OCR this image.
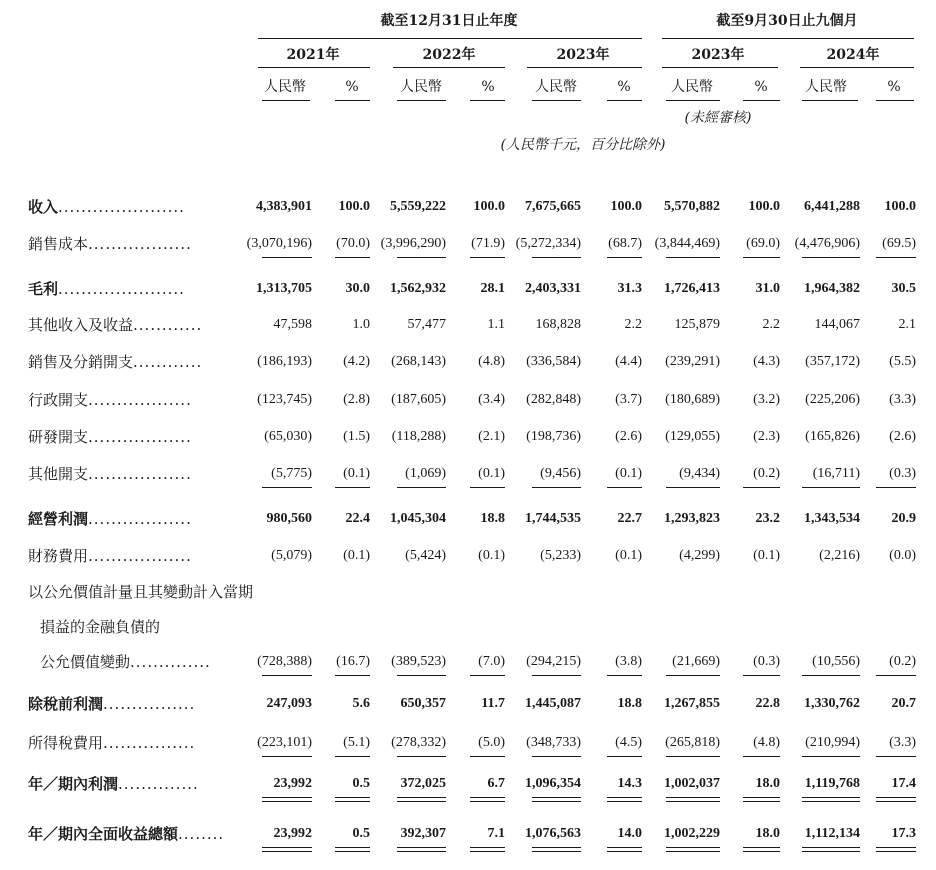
截至12月31日止年度	截至9月30日止九個月
2021年	2022年	2023年	2023年	2024年
人民幣	%	人民幣	%	人民幣	%	人民幣	%	人民幣	%
(未經審核)
(人民幣千元，百分比除外)
收入......................	4,383,901 100.0 5,559,222 100.0 7,675,665 100.0 5,570,882 100.0 6,441,288 100.0
銷售成本..................	(3,070,196) (70.0) (3,996,290) (71.9) (5,272,334) (68.7) (3,844,469) (69.0) (4,476,906) (69.5)
毛利......................	1,313,705 30.0 1,562,932 28.1 2,403,331	31.3 1,726,413	31.0 1,964,382 30.5
其他收入及收益............	47,598	1.0	57,477	1.1 168,828	2.2 125,879	2.2 144,067	2.1
銷售及分銷開支............	(186,193) (4.2) (268,143) (4.8) (336,584) (4.4) (239,291) (4.3) (357,172) (5.5)
行政開支..................	(123,745) (2.8) (187,605) (3.4) (282,848) (3.7) (180,689) (3.2) (225,206) (3.3)
研發開支..................	(65,030) (1.5) (118,288) (2.1) (198,736) (2.6) (129,055) (2.3) (165,826) (2.6)
其他開支..................	(5,775) (0.1)	(1,069) (0.1)	(9,456) (0.1)	(9,434) (0.2) (16,711) (0.3)
經營利潤..................	980,560 22.4 1,045,304 18.8 1,744,535	22.7 1,293,823	23.2 1,343,534 20.9
財務費用..................	(5,079) (0.1)	(5,424) (0.1)	(5,233) (0.1)	(4,299) (0.1)	(2,216) (0.0)
以公允價值計量且其變動計入當期
損益的金融負債的
公允價值變動..............	(728,388) (16.7) (389,523) (7.0) (294,215) (3.8) (21,669) (0.3) (10,556) (0.2)
除稅前利潤................	247,093	5.6 650,357	11.7 1,445,087	18.8 1,267,855	22.8 1,330,762 20.7
所得稅費用................	(223,101) (5.1) (278,332) (5.0) (348,733) (4.5) (265,818) (4.8) (210,994) (3.3)
年／期內利潤..............	23,992	0.5 372,025	6.7 1,096,354	14.3 1,002,037	18.0 1,119,768 17.4
年／期內全面收益總額........	23,992	0.5 392,307	7.1 1,076,563	14.0 1,002,229	18.0 1,112,134 17.3
